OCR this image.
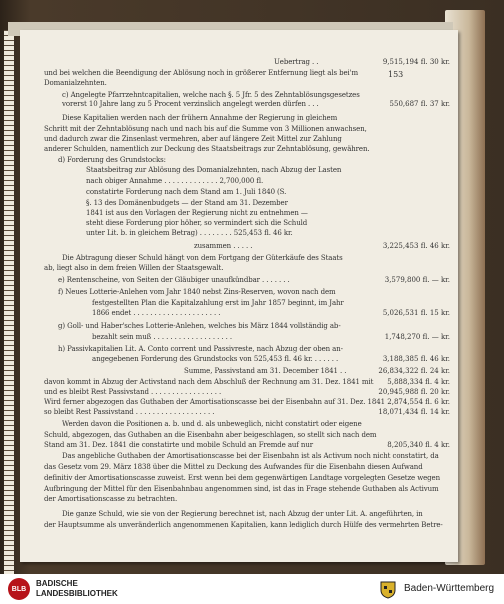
153
Uebertrag . .	9,515,194 fl. 30 kr.
und bei welchen die Beendigung der Ablösung noch in größerer Entfernung liegt als bei'm
Domanialzehnten.
c) Angelegte Pfarrzehntcapitalien, welche nach §. 5 Jfr. 5 des Zehntablösungsgesetzes
vorerst 10 Jahre lang zu 5 Procent verzinslich angelegt werden dürfen . . .	550,687 fl. 37 kr.
Diese Kapitalien werden nach der frühern Annahme der Regierung in gleichem
Schritt mit der Zehntablösung nach und nach bis auf die Summe von 3 Millionen anwachsen,
und dadurch zwar die Zinsenlast vermehren, aber auf längere Zeit Mittel zur Zahlung
anderer Schulden, namentlich zur Deckung des Staatsbeitrags zur Zehntablösung, gewähren.
d) Forderung des Grundstocks:
Staatsbeitrag zur Ablösung des Domanialzehnten, nach Abzug der Lasten
nach obiger Annahme . . . . . . . . . . . . . 2,700,000 fl.
constatirte Forderung nach dem Stand am 1. Juli 1840 (S.
§. 13 des Domänenbudgets — der Stand am 31. Dezember
1841 ist aus den Vorlagen der Regierung nicht zu entnehmen —
steht diese Forderung pior höher, so vermindert sich die Schuld
unter Lit. b. in gleichem Betrag) . . . . . . . . 525,453 fl. 46 kr.
zusammen . . . . .	3,225,453 fl. 46 kr.
Die Abtragung dieser Schuld hängt von dem Fortgang der Güterkäufe des Staats
ab, liegt also in dem freien Willen der Staatsgewalt.
e) Rentenscheine, von Seiten der Gläubiger unaufkündbar . . . . . . .	3,579,800 fl. — kr.
f) Neues Lotterie-Anlehen vom Jahr 1840 nebst Zins-Reserven, wovon nach dem
festgestellten Plan die Kapitalzahlung erst im Jahr 1857 beginnt, im Jahr
1866 endet . . . . . . . . . . . . . . . . . . . . .	5,026,531 fl. 15 kr.
g) Goll- und Haber'sches Lotterie-Anlehen, welches bis März 1844 vollständig ab-
bezahlt sein muß . . . . . . . . . . . . . . . . . . .	1,748,270 fl. — kr.
h) Passivkapitalien Lit. A. Conto corrent und Passivreste, nach Abzug der oben an-
angegebenen Forderung des Grundstocks von 525,453 fl. 46 kr. . . . . . .	3,188,385 fl. 46 kr.
Summe, Passivstand am 31. December 1841 . .	26,834,322 fl. 24 kr.
davon kommt in Abzug der Activstand nach dem Abschluß der Rechnung am 31. Dez. 1841 mit 5,888,334 fl. 4 kr.
und es bleibt Rest Passivstand . . . . . . . . . . . . . . . . .	20,945,988 fl. 20 kr.
Wird ferner abgezogen das Guthaben der Amortisationscasse bei der Eisenbahn auf 31. Dez. 1841 2,874,554 fl. 6 kr.
so bleibt Rest Passivstand . . . . . . . . . . . . . . . . . . .	18,071,434 fl. 14 kr.
Werden davon die Positionen a. b. und d. als unbeweglich, nicht constatirt oder eigene
Schuld, abgezogen, das Guthaben an die Eisenbahn aber beigeschlagen, so stellt sich nach dem
Stand am 31. Dez. 1841 die constatirte und mobile Schuld an Fremde auf nur	8,205,340 fl. 4 kr.
Das angebliche Guthaben der Amortisationscasse bei der Eisenbahn ist als Activum noch nicht constatirt, da
das Gesetz vom 29. März 1838 über die Mittel zu Deckung des Aufwandes für die Eisenbahn diesen Aufwand
definitiv der Amortisationscasse zuweist. Erst wenn bei dem gegenwärtigen Landtage vorgelegten Gesetze wegen
Aufbringung der Mittel für den Eisenbahnbau angenommen sind, ist das in Frage stehende Guthaben als Activum
der Amortisationscasse zu betrachten.
Die ganze Schuld, wie sie von der Regierung berechnet ist, nach Abzug der unter Lit. A. angeführten, in
der Hauptsumme als unveränderlich angenommenen Kapitalien, kann lediglich durch Hülfe des vermehrten Betre-
BLB
BADISCHE
LANDESBIBLIOTHEK	Baden-Württemberg
